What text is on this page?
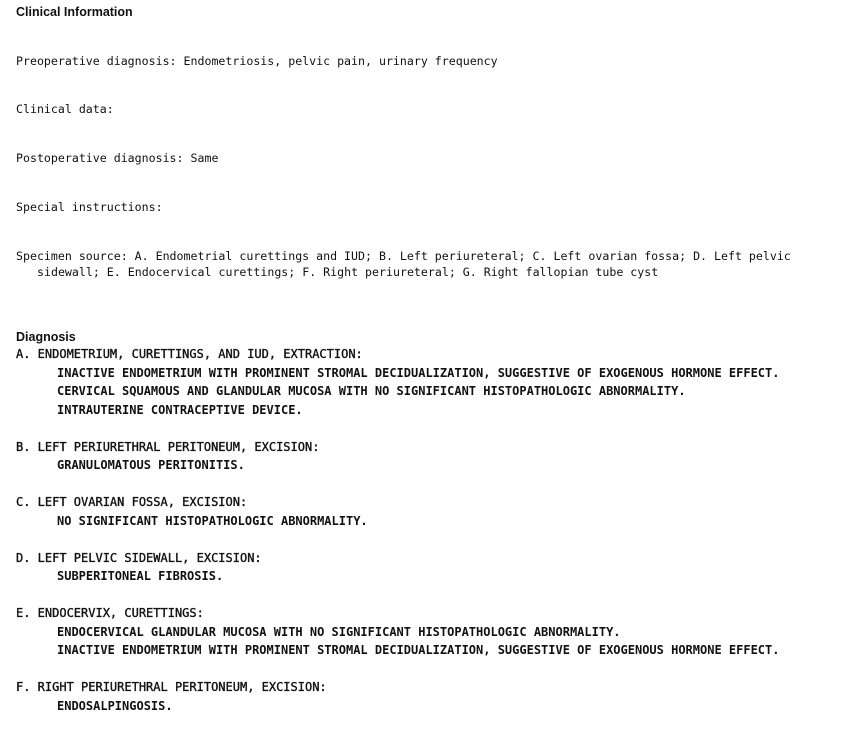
Clinical Information

Preoperative diagnosis: Endometriosis, pelvic pain, urinary frequency

Clinical data:

Postoperative diagnosis: Same

Special instructions:

Specimen source: A. Endometrial curettings and IUD; B. Left periureteral; C. Left ovarian fossa; D. Left pelvic sidewall; E. Endocervical curettings; F. Right periureteral; G. Right fallopian tube cyst

Diagnosis
A. ENDOMETRIUM, CURETTINGS, AND IUD, EXTRACTION:
INACTIVE ENDOMETRIUM WITH PROMINENT STROMAL DECIDUALIZATION, SUGGESTIVE OF EXOGENOUS HORMONE EFFECT.
CERVICAL SQUAMOUS AND GLANDULAR MUCOSA WITH NO SIGNIFICANT HISTOPATHOLOGIC ABNORMALITY.
INTRAUTERINE CONTRACEPTIVE DEVICE.
B. LEFT PERIURETHRAL PERITONEUM, EXCISION:
GRANULOMATOUS PERITONITIS.
C. LEFT OVARIAN FOSSA, EXCISION:
NO SIGNIFICANT HISTOPATHOLOGIC ABNORMALITY.
D. LEFT PELVIC SIDEWALL, EXCISION:
SUBPERITONEAL FIBROSIS.
E. ENDOCERVIX, CURETTINGS:
ENDOCERVICAL GLANDULAR MUCOSA WITH NO SIGNIFICANT HISTOPATHOLOGIC ABNORMALITY.
INACTIVE ENDOMETRIUM WITH PROMINENT STROMAL DECIDUALIZATION, SUGGESTIVE OF EXOGENOUS HORMONE EFFECT.
F. RIGHT PERIURETHRAL PERITONEUM, EXCISION:
ENDOSALPINGOSIS.
